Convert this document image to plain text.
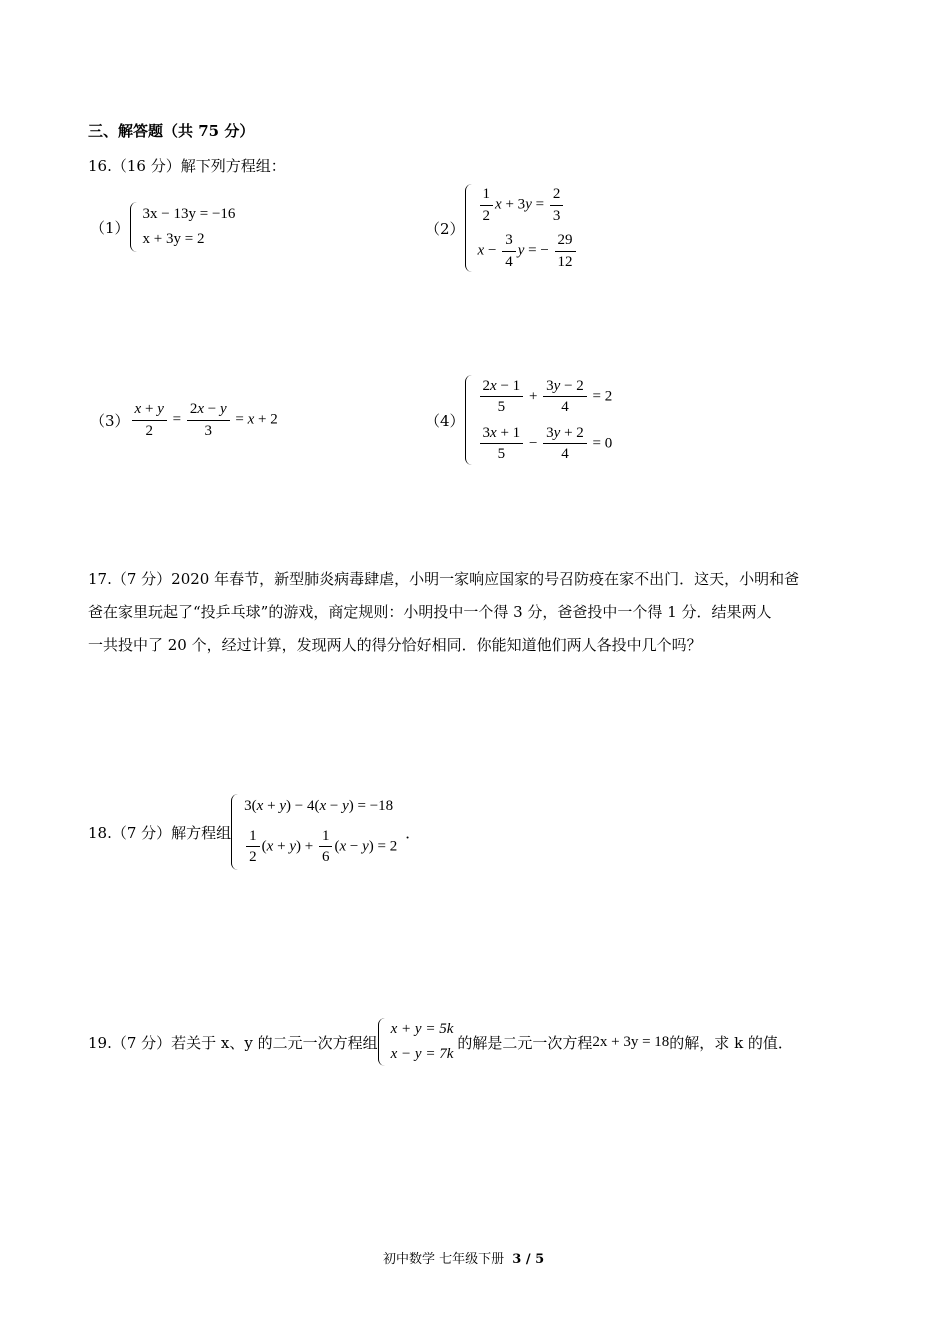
三、解答题（共 75 分）
16.（16 分）解下列方程组：
（1）
3x − 13y = −16
x + 3y = 2
（2）
$\frac{1}{2}$ $x + 3y = \frac{2}{3}$
$x - \frac{3}{4}$ y = − $\frac{29}{12}$
$(3) \frac{x + y}{2} = \frac{2x - y}{3} = x + 2$	（4）
$\frac{2x - 1}{5} + \frac{3y - 2}{4} = 2$
$\frac{3x + 1}{5} - \frac{3y + 2}{4} = 0$
17.（7 分）2020 年春节，新型肺炎病毒肆虐，小明一家响应国家的号召防疫在家不出门．这天，小明和爸
爸在家里玩起了“投乒乓球”的游戏，商定规则：小明投中一个得 3 分，爸爸投中一个得 1 分．结果两人
一共投中了 20 个，经过计算，发现两人的得分恰好相同．你能知道他们两人各投中几个吗？
18.（7 分）解方程组
3(x + y) − 4(x − y) = −18
$\frac{1}{2} (x + y) + \frac{1}{6} (x - y) = 2$
．
19.（7 分）若关于 x、y 的二元一次方程组
x + y = 5k
x − y = 7k
的解是二元一次方程 2x + 3y = 18 的解，求 k 的值．
初中数学 七年级下册 3 / 5
